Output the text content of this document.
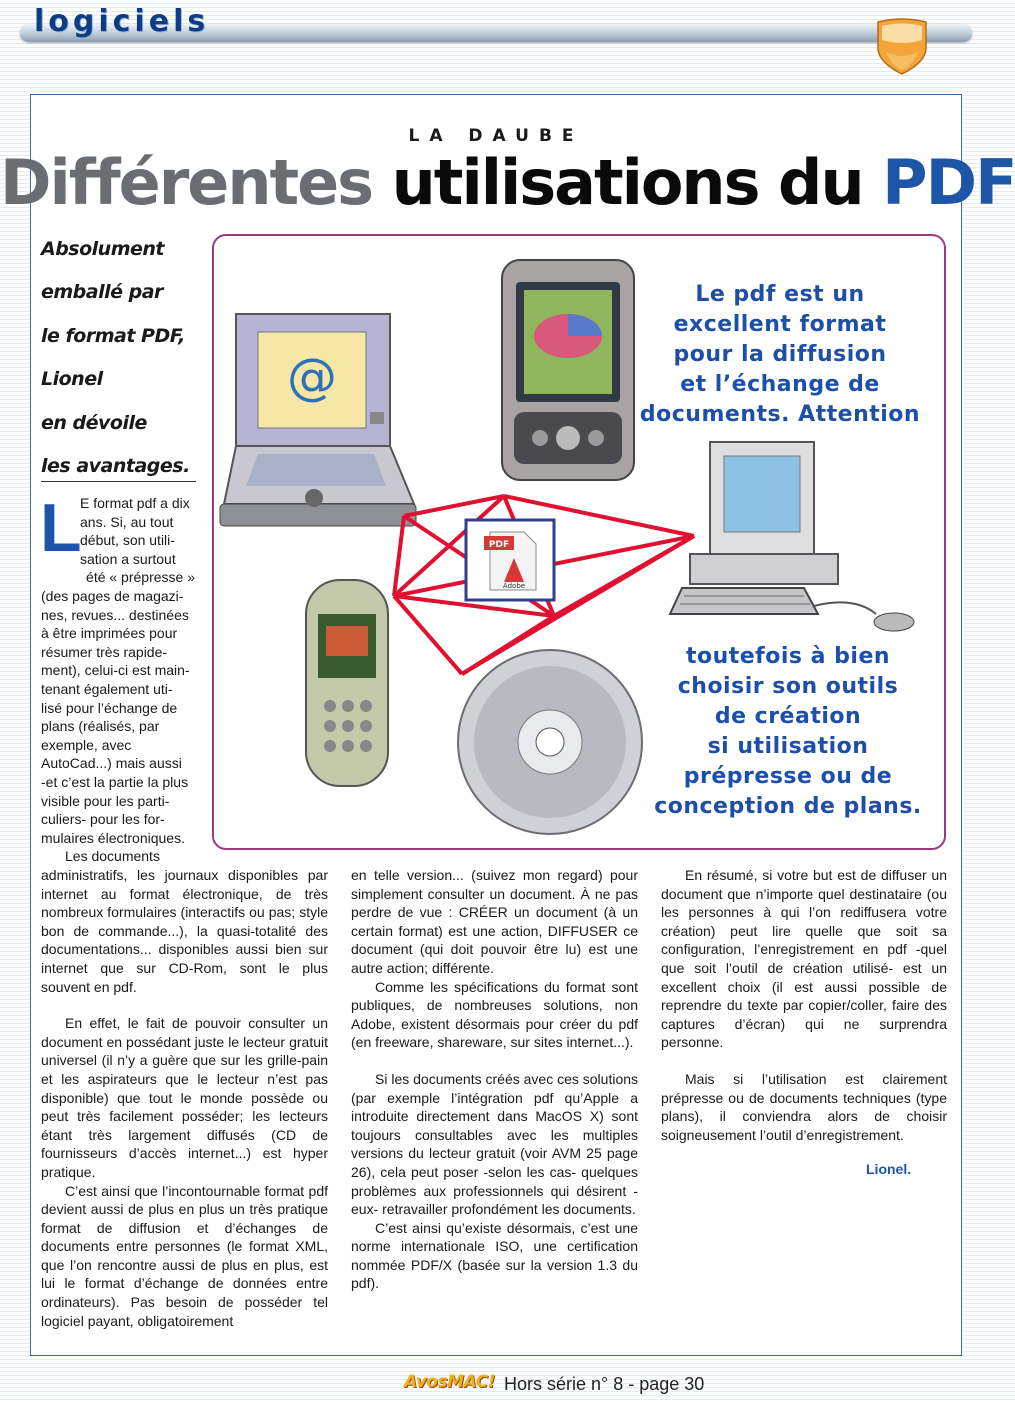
logiciels
LA DAUBE
Différentes utilisations du PDF
Absolument
emballé par
le format PDF,
Lionel
en dévoile
les avantages.
@
PDF
Adobe
Le pdf est un
excellent format
pour la diffusion
et l’échange de
documents. Attention
toutefois à bien
choisir son outils
de création
si utilisation
prépresse ou de
conception de plans.
L
E format pdf a dix
ans. Si, au tout
début, son utili-
sation a surtout
été « prépresse »
(des pages de magazi-
nes, revues... destinées
à être imprimées pour
résumer très rapide-
ment), celui-ci est main-
tenant également uti-
lisé pour l’échange de
plans (réalisés, par
exemple, avec
AutoCad...) mais aussi
-et c’est la partie la plus
visible pour les parti-
culiers- pour les for-
mulaires électroniques.
Les documents

administratifs, les journaux disponibles par internet au format électronique, de très nombreux formulaires (interactifs ou pas; style bon de commande...), la quasi-totalité des documentations... disponibles aussi bien sur internet que sur CD-Rom, sont le plus souvent en pdf.

En effet, le fait de pouvoir consulter un document en possédant juste le lecteur gratuit universel (il n’y a guère que sur les grille-pain et les aspirateurs que le lecteur n’est pas disponible) que tout le monde possède ou peut très facilement posséder; les lecteurs étant très largement diffusés (CD de fournisseurs d’accès internet...) est hyper pratique.

C’est ainsi que l’incontournable format pdf devient aussi de plus en plus un très pratique format de diffusion et d’échanges de documents entre personnes (le format XML, que l’on rencontre aussi de plus en plus, est lui le format d’échange de données entre ordinateurs). Pas besoin de posséder tel logiciel payant, obligatoirement

en telle version... (suivez mon regard) pour simplement consulter un document. À ne pas perdre de vue : CRÉER un document (à un certain format) est une action, DIFFUSER ce document (qui doit pouvoir être lu) est une autre action; différente.

Comme les spécifications du format sont publiques, de nombreuses solutions, non Adobe, existent désormais pour créer du pdf (en freeware, shareware, sur sites internet...).

Si les documents créés avec ces solutions (par exemple l’intégration pdf qu’Apple a introduite directement dans MacOS X) sont toujours consultables avec les multiples versions du lecteur gratuit (voir AVM 25 page 26), cela peut poser -selon les cas- quelques problèmes aux professionnels qui désirent -eux- retravailler profondément les documents.

C’est ainsi qu’existe désormais, c’est une norme internationale ISO, une certification nommée PDF/X (basée sur la version 1.3 du pdf).

En résumé, si votre but est de diffuser un document que n’importe quel destinataire (ou les personnes à qui l’on rediffusera votre création) peut lire quelle que soit sa configuration, l’enregistrement en pdf -quel que soit l’outil de création utilisé- est un excellent choix (il est aussi possible de reprendre du texte par copier/coller, faire des captures d’écran) qui ne surprendra personne.

Mais si l’utilisation est clairement prépresse ou de documents techniques (type plans), il conviendra alors de choisir soigneusement l’outil d’enregistrement.

Lionel.
AvosMAC! Hors série n° 8 - page 30
